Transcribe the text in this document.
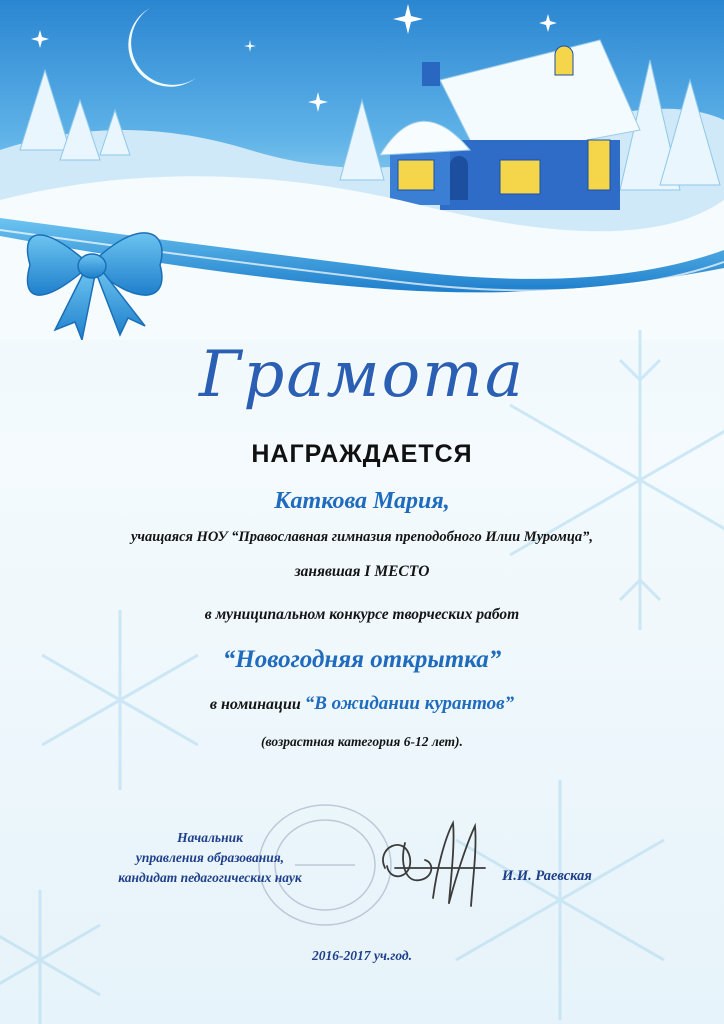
Грамота

НАГРАЖДАЕТСЯ

Каткова Мария,

учащаяся НОУ “Православная гимназия преподобного Илии Муромца”,

занявшая I МЕСТО

в муниципальном конкурсе творческих работ

“Новогодняя открытка”

в номинации “В ожидании курантов”

(возрастная категория 6-12 лет).

Начальник
управления образования,
кандидат педагогических наук	И.И. Раевская

2016-2017 уч.год.
